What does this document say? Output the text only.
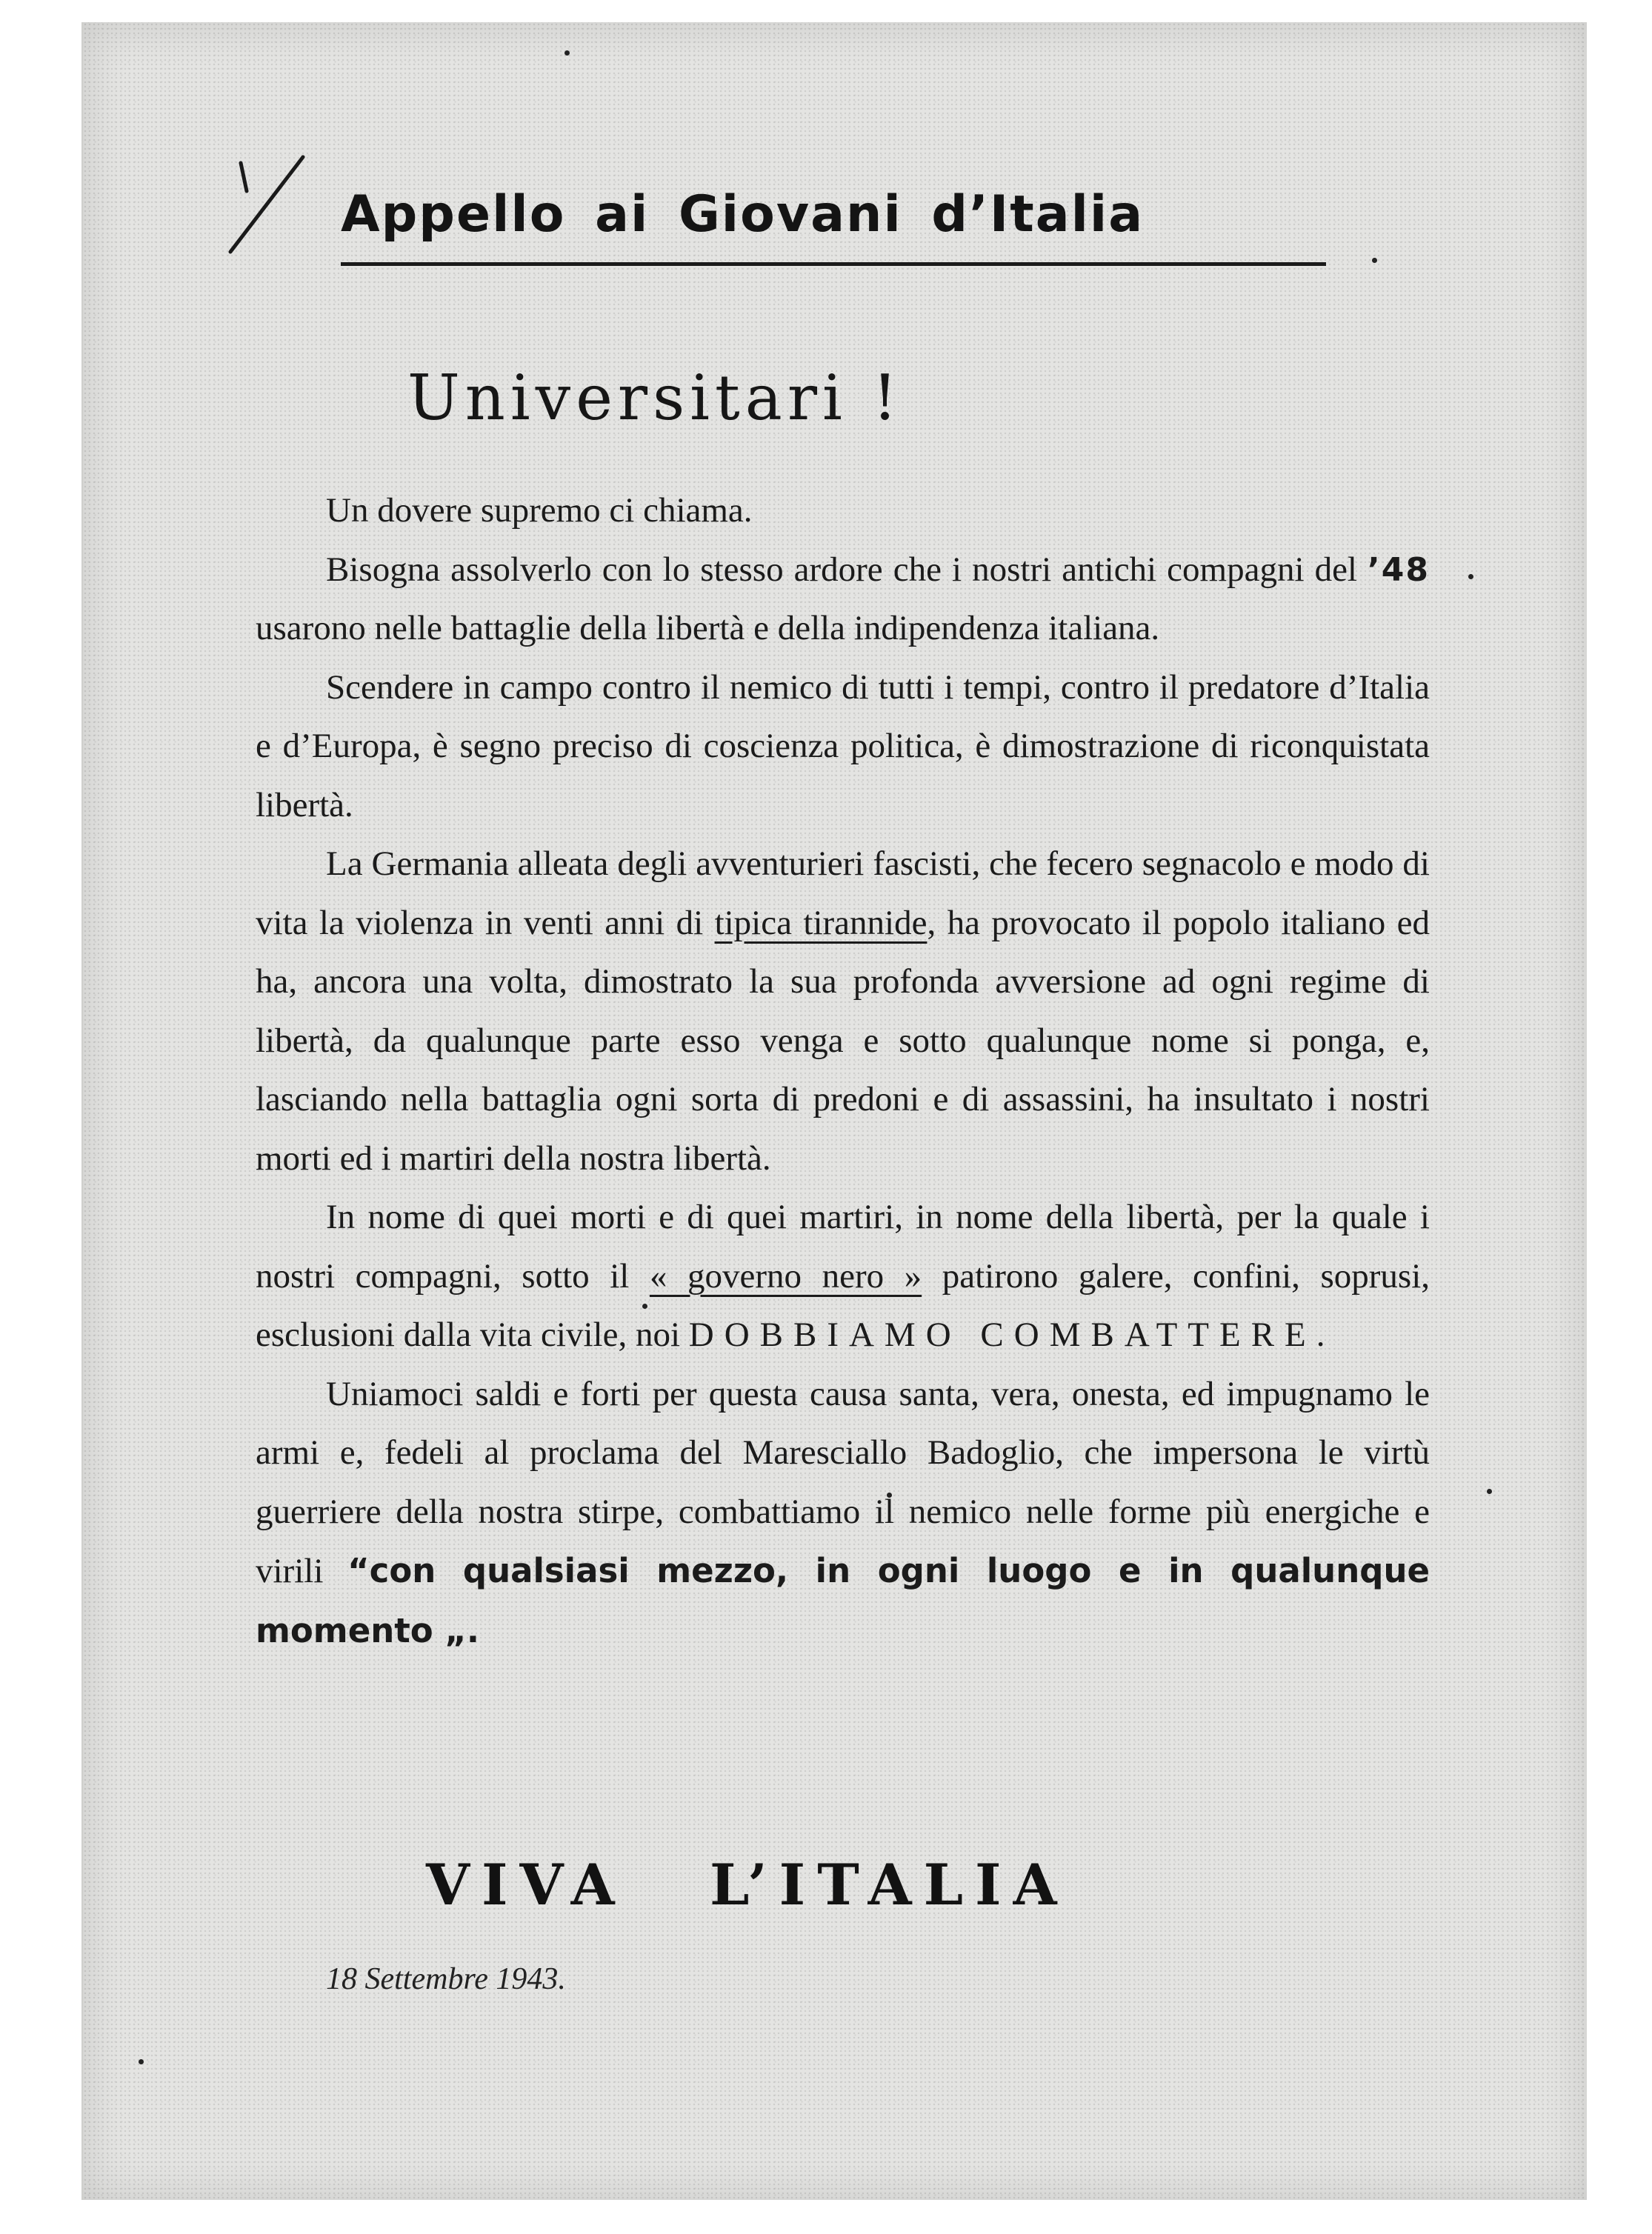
Appello ai Giovani d’Italia
Universitari !

Un dovere supremo ci chiama.

Bisogna assolverlo con lo stesso ardore che i nostri antichi compagni del ’48 usarono nelle battaglie della libertà e della indipendenza italiana.

Scendere in campo contro il nemico di tutti i tempi, contro il predatore d’Italia e d’Europa, è segno preciso di coscienza politica, è dimostrazione di riconquistata libertà.

La Germania alleata degli avventurieri fascisti, che fecero segnacolo e modo di vita la violenza in venti anni di tipica tirannide, ha provocato il popolo italiano ed ha, ancora una volta, dimostrato la sua profonda avversione ad ogni regime di libertà, da qualunque parte esso venga e sotto qualunque nome si ponga, e, lasciando nella battaglia ogni sorta di predoni e di assassini, ha insultato i nostri morti ed i martiri della nostra libertà.

In nome di quei morti e di quei martiri, in nome della libertà, per la quale i nostri compagni, sotto il « governo nero » patirono galere, confini, soprusi, esclusioni dalla vita civile, noi DOBBIAMO COMBATTERE.

Uniamoci saldi e forti per questa causa santa, vera, onesta, ed impugnamo le armi e, fedeli al proclama del Maresciallo Badoglio, che impersona le virtù guerriere della nostra stirpe, combattiamo il nemico nelle forme più energiche e virili “con qualsiasi mezzo, in ogni luogo e in qualunque momento „.

VIVA L’ITALIA
18 Settembre 1943.
